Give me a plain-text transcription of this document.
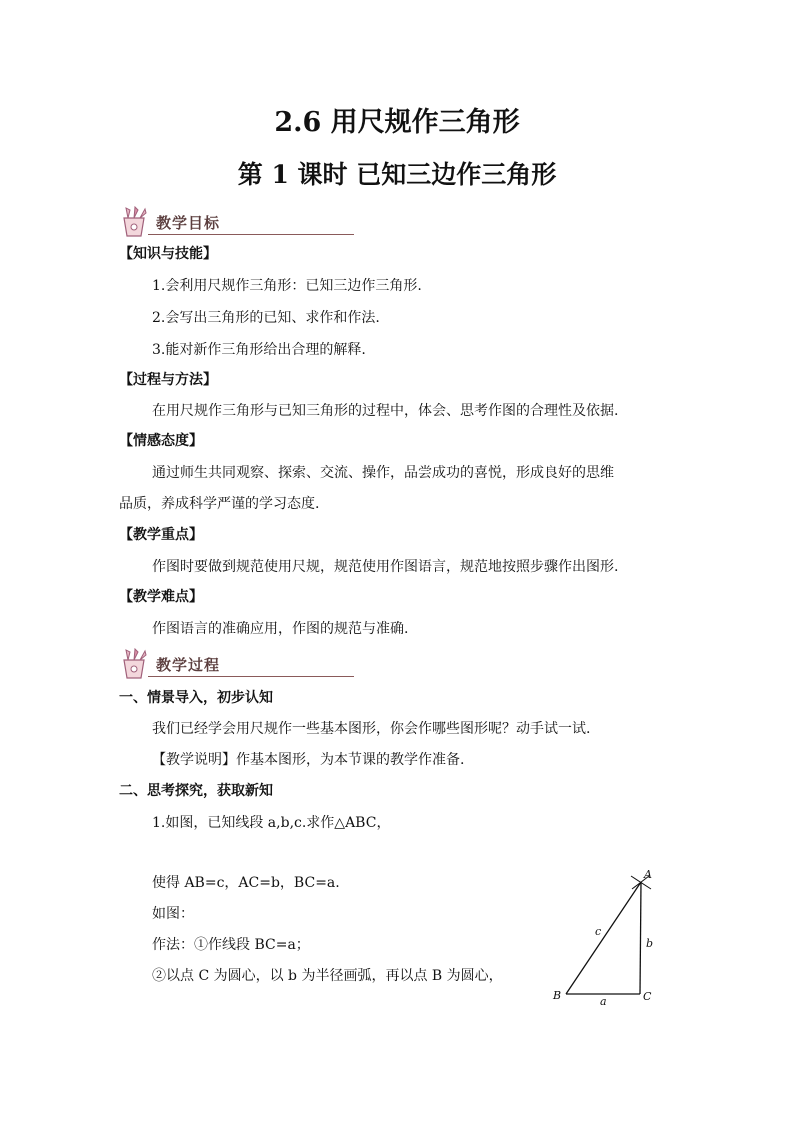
2.6 用尺规作三角形
第 1 课时 已知三边作三角形
教学目标
【知识与技能】
1.会利用尺规作三角形：已知三边作三角形.
2.会写出三角形的已知、求作和作法.
3.能对新作三角形给出合理的解释.
【过程与方法】
在用尺规作三角形与已知三角形的过程中，体会、思考作图的合理性及依据.
【情感态度】
通过师生共同观察、探索、交流、操作，品尝成功的喜悦，形成良好的思维
品质，养成科学严谨的学习态度.
【教学重点】
作图时要做到规范使用尺规，规范使用作图语言，规范地按照步骤作出图形.
【教学难点】
作图语言的准确应用，作图的规范与准确.
教学过程
一、情景导入，初步认知
我们已经学会用尺规作一些基本图形，你会作哪些图形呢？动手试一试.
【教学说明】作基本图形，为本节课的教学作准备.
二、思考探究，获取新知
1.如图，已知线段 a,b,c.求作△ABC，
使得 AB=c，AC=b，BC=a.
如图：
作法：①作线段 BC=a；
②以点 C 为圆心，以 b 为半径画弧，再以点 B 为圆心，
A
B	C
a
b
c
